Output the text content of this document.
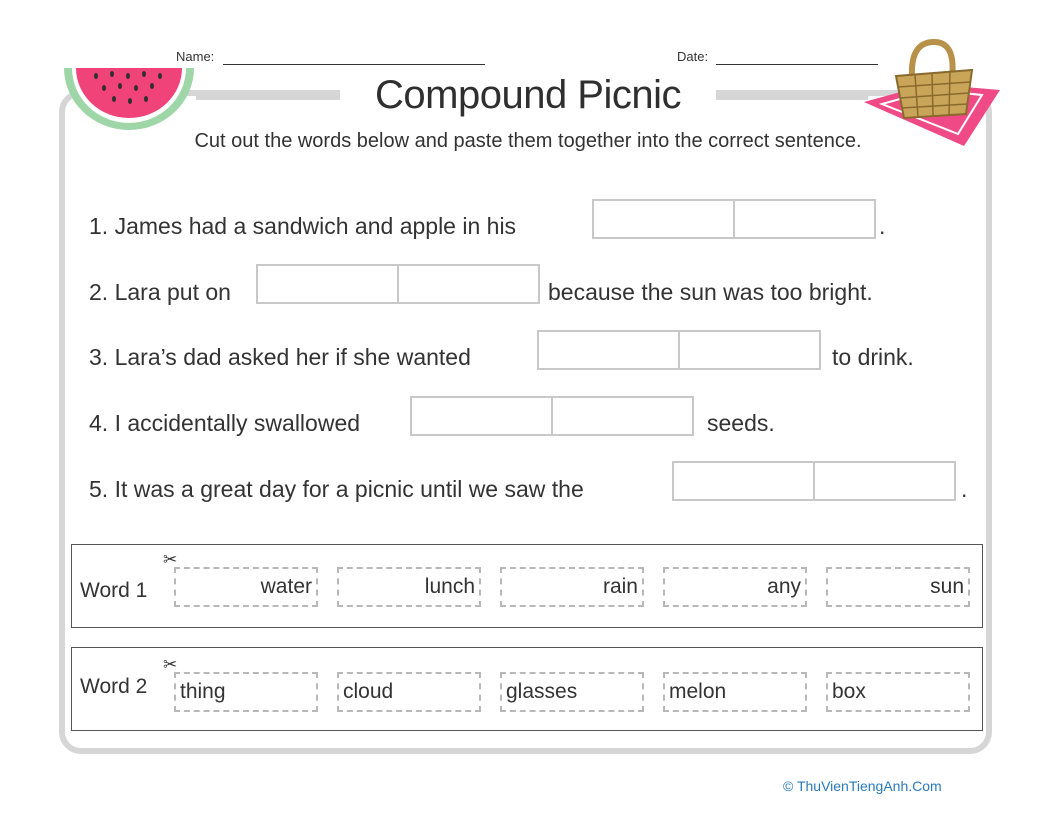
Name:	Date:
Compound Picnic
Cut out the words below and paste them together into the correct sentence.
1. James had a sandwich and apple in his	.
2. Lara put on	because the sun was too bright.
3. Lara’s dad asked her if she wanted	to drink.
4. I accidentally swallowed	seeds.
5. It was a great day for a picnic until we saw the	.
Word 1
✂
water	lunch	rain	any	sun
Word 2
✂
thing	cloud	glasses	melon	box
© ThuVienTiengAnh.Com
